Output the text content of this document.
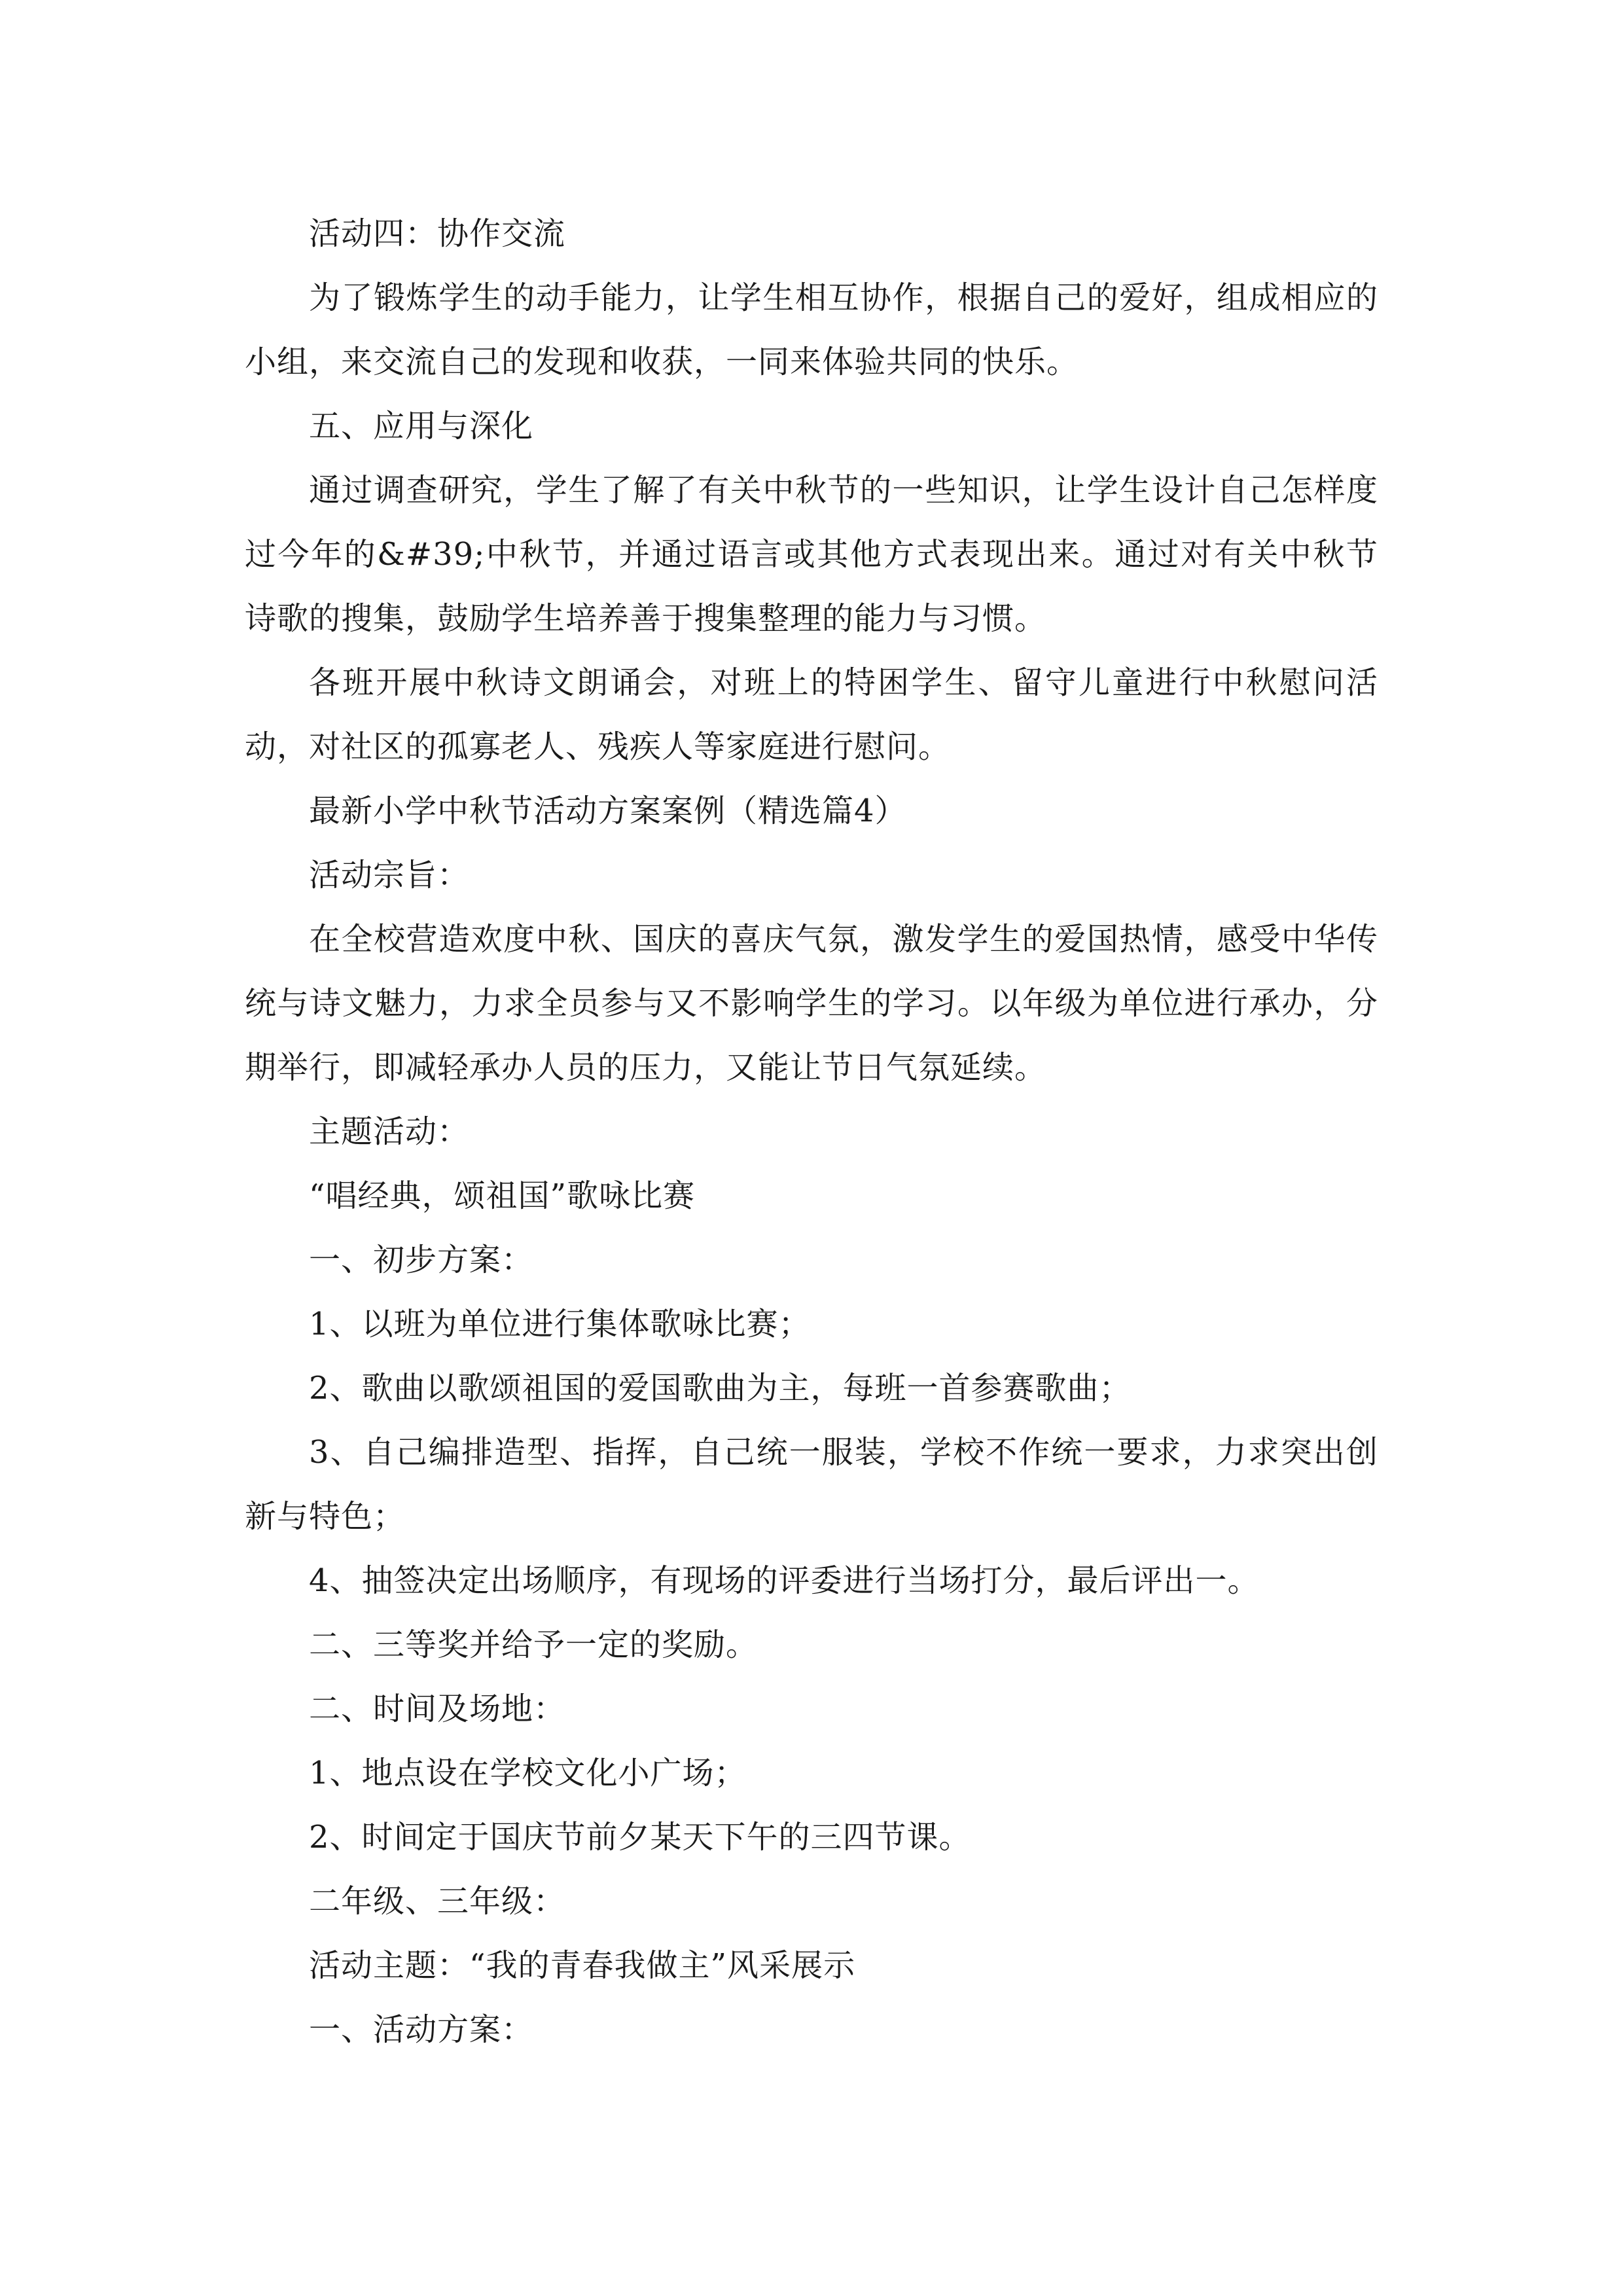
活动四：协作交流

为了锻炼学生的动手能力，让学生相互协作，根据自己的爱好，组成相应的小组，来交流自己的发现和收获，一同来体验共同的快乐。

五、应用与深化

通过调查研究，学生了解了有关中秋节的一些知识，让学生设计自己怎样度过今年的&#39;中秋节，并通过语言或其他方式表现出来。通过对有关中秋节诗歌的搜集，鼓励学生培养善于搜集整理的能力与习惯。

各班开展中秋诗文朗诵会，对班上的特困学生、留守儿童进行中秋慰问活动，对社区的孤寡老人、残疾人等家庭进行慰问。

最新小学中秋节活动方案案例（精选篇4）

活动宗旨：

在全校营造欢度中秋、国庆的喜庆气氛，激发学生的爱国热情，感受中华传统与诗文魅力，力求全员参与又不影响学生的学习。以年级为单位进行承办，分期举行，即减轻承办人员的压力，又能让节日气氛延续。

主题活动：

“唱经典，颂祖国”歌咏比赛

一、初步方案：

1、以班为单位进行集体歌咏比赛；

2、歌曲以歌颂祖国的爱国歌曲为主，每班一首参赛歌曲；

3、自己编排造型、指挥，自己统一服装，学校不作统一要求，力求突出创新与特色；

4、抽签决定出场顺序，有现场的评委进行当场打分，最后评出一。

二、三等奖并给予一定的奖励。

二、时间及场地：

1、地点设在学校文化小广场；

2、时间定于国庆节前夕某天下午的三四节课。

二年级、三年级：

活动主题：“我的青春我做主”风采展示

一、活动方案：
